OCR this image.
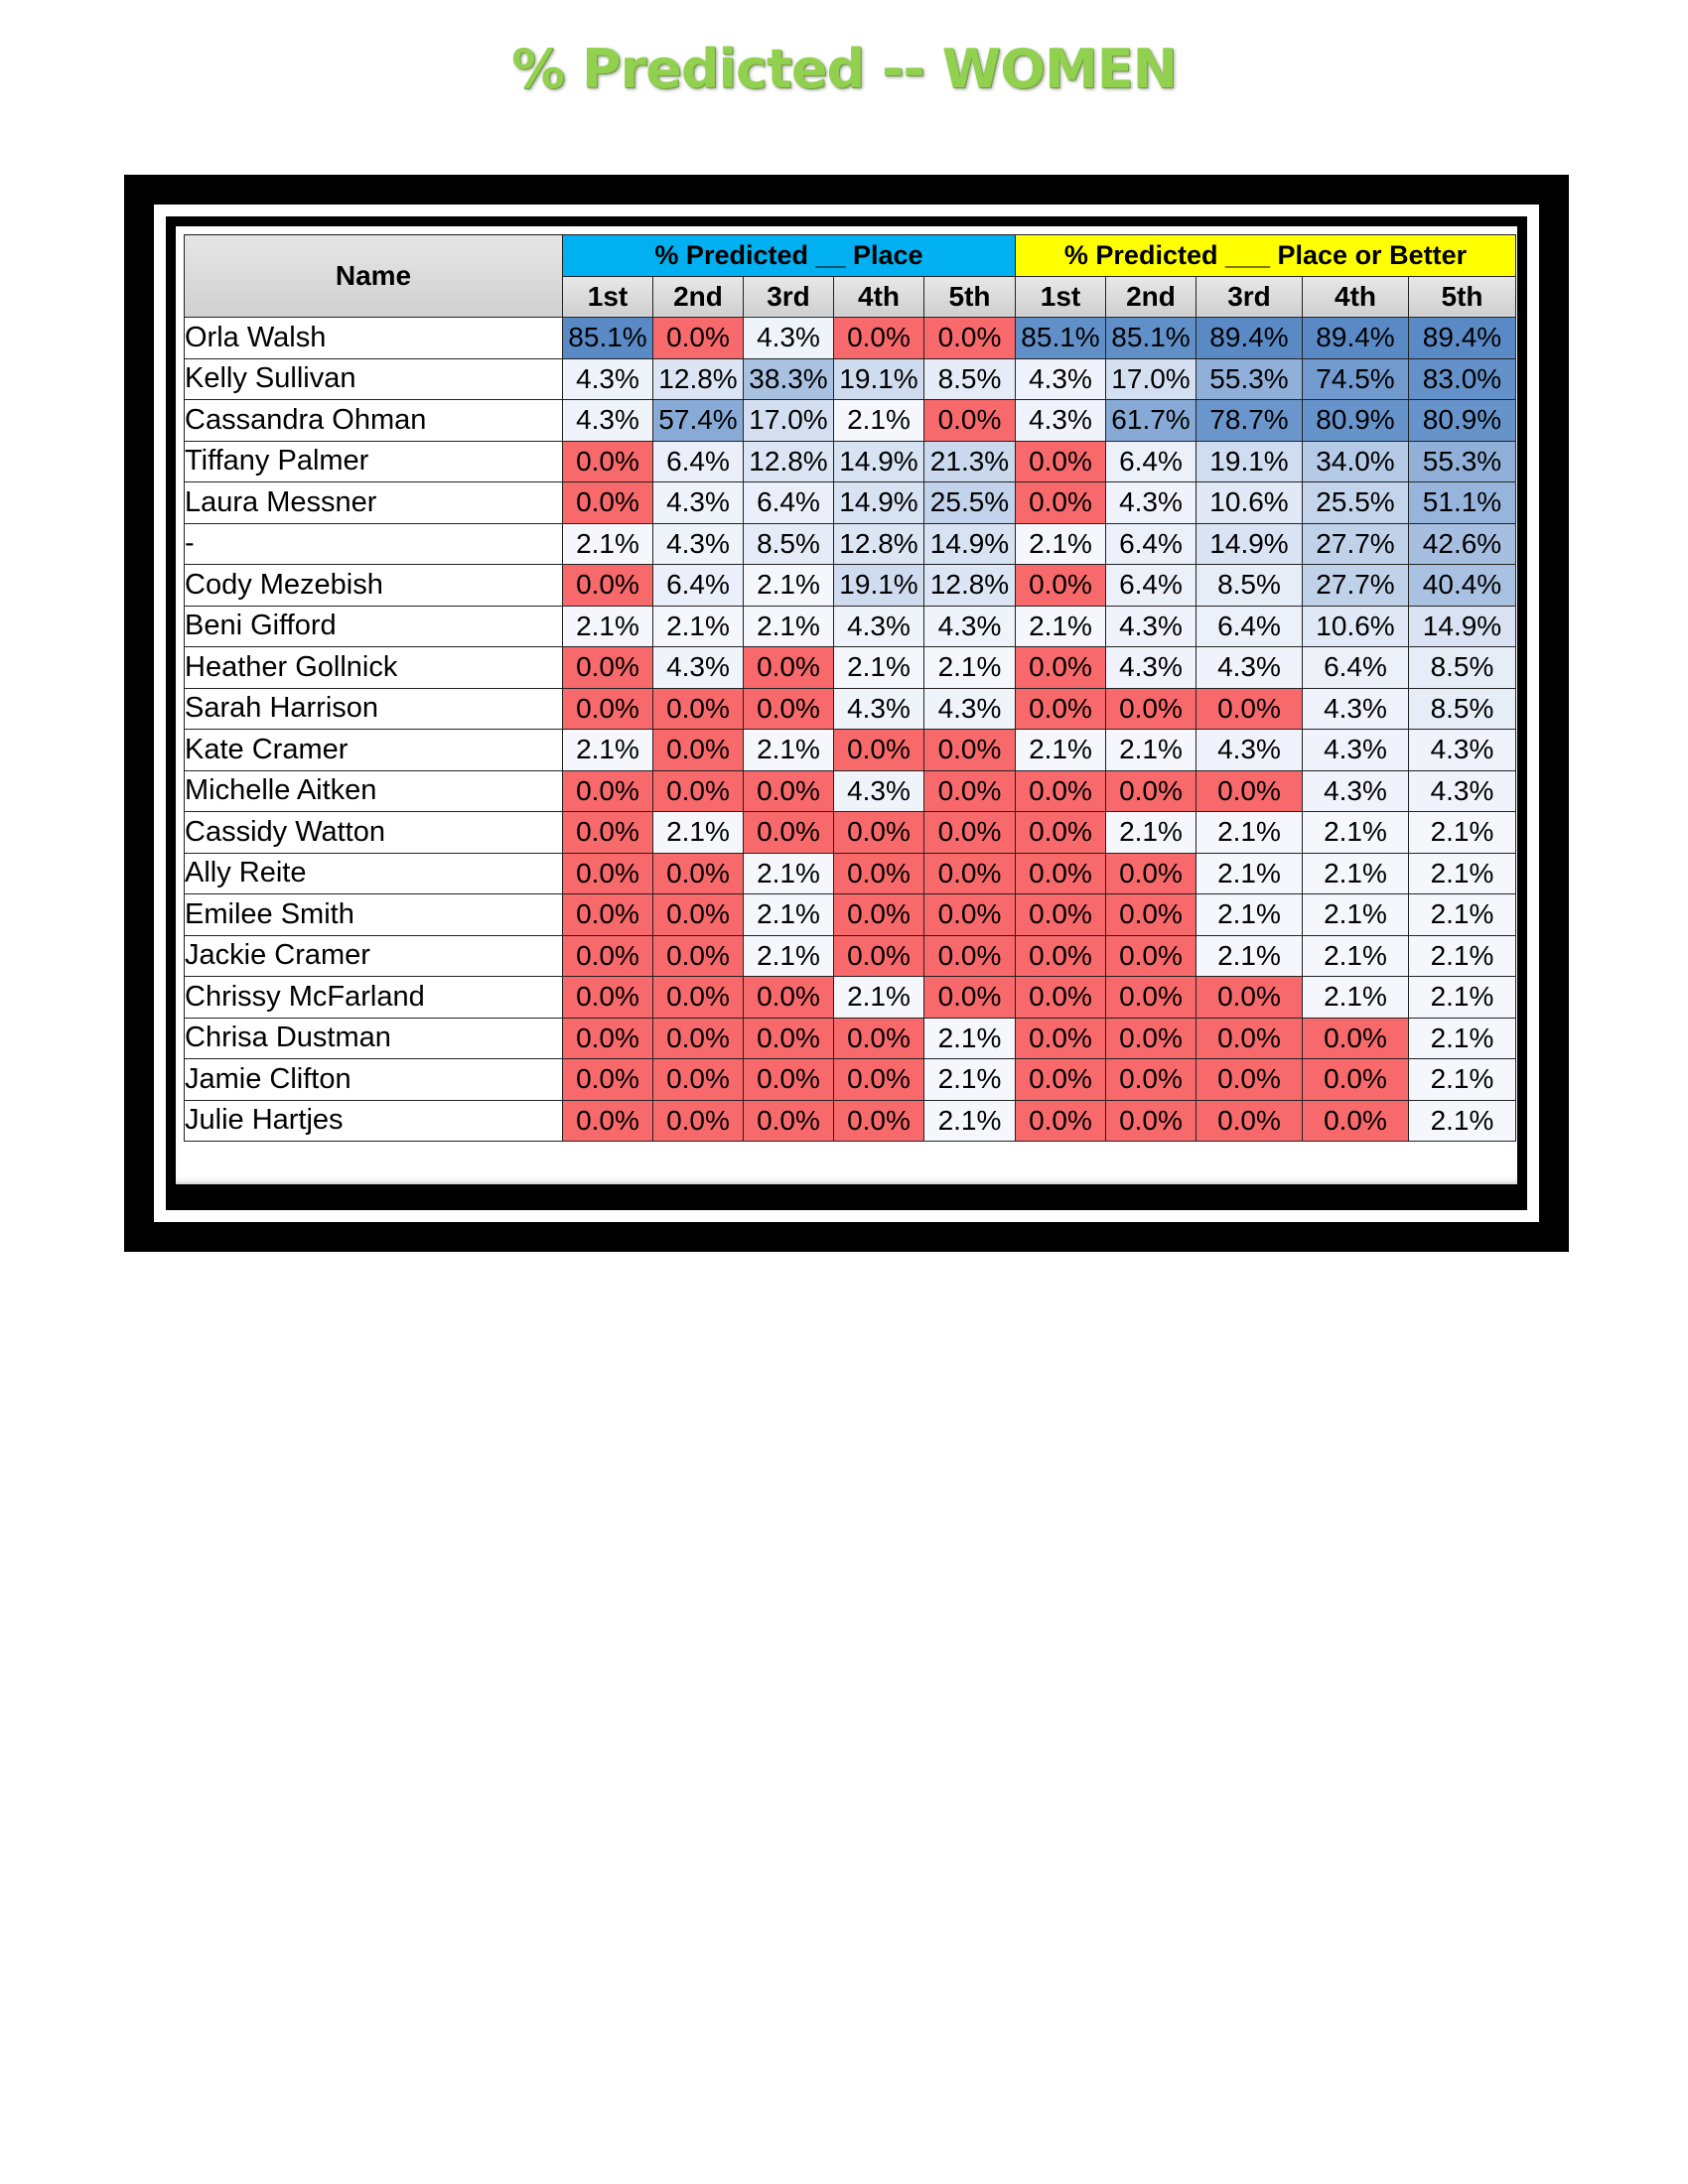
% Predicted -- WOMEN
Name	% Predicted __ Place					% Predicted ___ Place or Better				
	1st	2nd	3rd	4th	5th	1st	2nd	3rd	4th	5th
Orla Walsh	85.1%	0.0%	4.3%	0.0%	0.0%	85.1%	85.1%	89.4%	89.4%	89.4%
Kelly Sullivan	4.3%	12.8%	38.3%	19.1%	8.5%	4.3%	17.0%	55.3%	74.5%	83.0%
Cassandra Ohman	4.3%	57.4%	17.0%	2.1%	0.0%	4.3%	61.7%	78.7%	80.9%	80.9%
Tiffany Palmer	0.0%	6.4%	12.8%	14.9%	21.3%	0.0%	6.4%	19.1%	34.0%	55.3%
Laura Messner	0.0%	4.3%	6.4%	14.9%	25.5%	0.0%	4.3%	10.6%	25.5%	51.1%
-	2.1%	4.3%	8.5%	12.8%	14.9%	2.1%	6.4%	14.9%	27.7%	42.6%
Cody Mezebish	0.0%	6.4%	2.1%	19.1%	12.8%	0.0%	6.4%	8.5%	27.7%	40.4%
Beni Gifford	2.1%	2.1%	2.1%	4.3%	4.3%	2.1%	4.3%	6.4%	10.6%	14.9%
Heather Gollnick	0.0%	4.3%	0.0%	2.1%	2.1%	0.0%	4.3%	4.3%	6.4%	8.5%
Sarah Harrison	0.0%	0.0%	0.0%	4.3%	4.3%	0.0%	0.0%	0.0%	4.3%	8.5%
Kate Cramer	2.1%	0.0%	2.1%	0.0%	0.0%	2.1%	2.1%	4.3%	4.3%	4.3%
Michelle Aitken	0.0%	0.0%	0.0%	4.3%	0.0%	0.0%	0.0%	0.0%	4.3%	4.3%
Cassidy Watton	0.0%	2.1%	0.0%	0.0%	0.0%	0.0%	2.1%	2.1%	2.1%	2.1%
Ally Reite	0.0%	0.0%	2.1%	0.0%	0.0%	0.0%	0.0%	2.1%	2.1%	2.1%
Emilee Smith	0.0%	0.0%	2.1%	0.0%	0.0%	0.0%	0.0%	2.1%	2.1%	2.1%
Jackie Cramer	0.0%	0.0%	2.1%	0.0%	0.0%	0.0%	0.0%	2.1%	2.1%	2.1%
Chrissy McFarland	0.0%	0.0%	0.0%	2.1%	0.0%	0.0%	0.0%	0.0%	2.1%	2.1%
Chrisa Dustman	0.0%	0.0%	0.0%	0.0%	2.1%	0.0%	0.0%	0.0%	0.0%	2.1%
Jamie Clifton	0.0%	0.0%	0.0%	0.0%	2.1%	0.0%	0.0%	0.0%	0.0%	2.1%
Julie Hartjes	0.0%	0.0%	0.0%	0.0%	2.1%	0.0%	0.0%	0.0%	0.0%	2.1%
